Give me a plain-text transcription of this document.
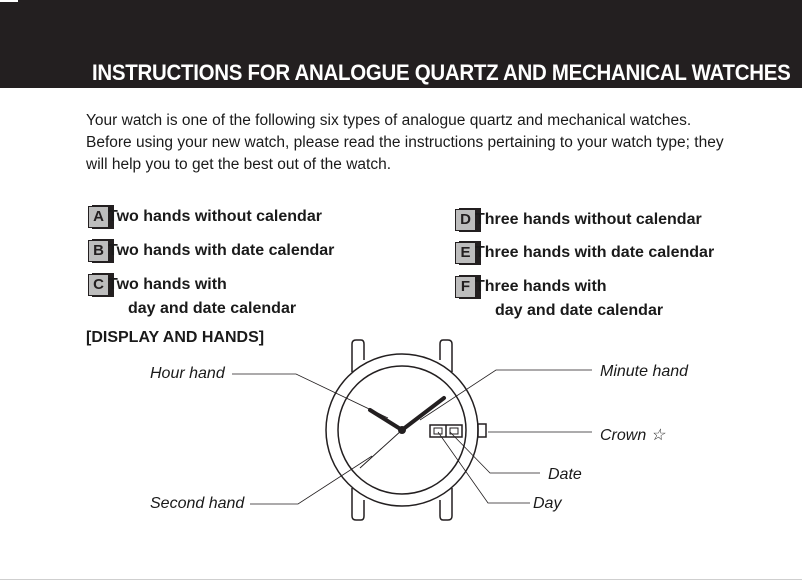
INSTRUCTIONS FOR ANALOGUE QUARTZ AND MECHANICAL WATCHES

Your watch is one of the following six types of analogue quartz and mechanical watches.

Before using your new watch, please read the instructions pertaining to your watch type; they

will help you to get the best out of the watch.

A Two hands without calendar
B Two hands with date calendar
C Two hands with
day and date calendar
D Three hands without calendar
E Three hands with date calendar
F Three hands with
day and date calendar
[DISPLAY AND HANDS]
Hour hand	Minute hand
Crown ☆
Date
Day
Second hand
